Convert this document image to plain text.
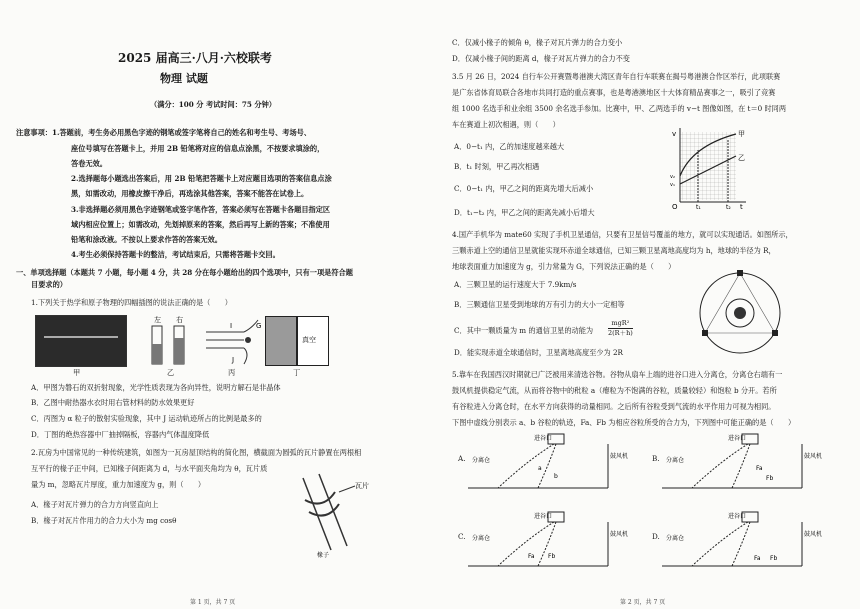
2025 届高三·八月·六校联考
物理 试题
（满分：100 分 考试时间：75 分钟）
注意事项：1.答题前，考生务必用黑色字迹的钢笔或签字笔将自己的姓名和考生号、考场号、
座位号填写在答题卡上，并用 2B 铅笔将对应的信息点涂黑，不按要求填涂的，
答卷无效。
2.选择题每小题选出答案后，用 2B 铅笔把答题卡上对应题目选项的答案信息点涂
黑，如需改动，用橡皮擦干净后，再选涂其他答案，答案不能答在试卷上。
3.非选择题必须用黑色字迹钢笔或签字笔作答，答案必须写在答题卡各题目指定区
域内相应位置上；如需改动，先划掉原来的答案，然后再写上新的答案；不准使用
铅笔和涂改液。不按以上要求作答的答案无效。
4.考生必须保持答题卡的整洁，考试结束后，只需将答题卡交回。
一、单项选择题（本题共 7 小题，每小题 4 分，共 28 分在每小题给出的四个选项中，只有一项是符合题
目要求的）
1.下列关于热学和原子物理的四幅插图的说法正确的是（　　）
甲
左 右
乙
G
J
I
丙
真空
丁
A．甲图为磐石的双折射现象，光学性质表现为各向异性，说明方解石是非晶体
B．乙图中耐热器水衣时用右管材料的防水效果更好
C．丙图为 α 粒子的散射实验现象，其中 J 运动轨迹所占的比例是最多的
D．丁图的绝热容器中厂抽掉隔板，容器内气体温度降低
2.瓦房为中国常见的一种传统建筑，如图为一瓦房屋顶结构的简化图，横截面为圆弧的瓦片静置在两根相
互平行的椽子正中间，已知椽子间距离为 d，与水平面夹角均为 θ，瓦片质
量为 m，忽略瓦片厚度，重力加速度为 g，则（　　）
A．椽子对瓦片弹力的合力方向竖直向上
B．椽子对瓦片作用力的合力大小为 mg cosθ
瓦片
椽子
第 1 页，共 7 页
C．仅减小椽子的倾角 θ，椽子对瓦片弹力的合力变小
D．仅减小椽子间的距离 d，椽子对瓦片弹力的合力不变
3.5 月 26 日，2024 自行车公开赛暨粤港澳大湾区青年自行车联赛在揭号粤港澳合作区举行，此项联赛
是广东省体育局联合各地市共同打造的重点赛事，也是粤港澳地区十大体育精品赛事之一，吸引了竞赛
组 1000 名选手和业余组 3500 余名选手参加。比赛中，甲、乙两选手的 v−t 图像如图，在 t＝0 时同两
车在赛道上初次相遇，则（　　）
A．0−t₁ 内，乙的加速度越来越大
B．t₁ 时刻，甲乙再次相遇
C．0−t₁ 内，甲乙之间的距离先增大后减小
D．t₁−t₂ 内，甲乙之间的距离先减小后增大
v	甲
乙
v₂
v₁
O	t₁	t₂ t
4.国产手机华为 mate60 实现了手机卫星通信，只要有卫星信号覆盖的地方，就可以实现通话。如图所示，
三颗赤道上空的通信卫星就能实现环赤道全球通信，已知三颗卫星离地高度均为 h，地球的半径为 R，
地球表面重力加速度为 g，引力常量为 G，下列说法正确的是（　　）
A．三颗卫星的运行速度大于 7.9km/s
B．三颗通信卫星受到地球的万有引力的大小一定相等
C．其中一颗质量为 m 的通信卫星的动能为
mgR²
2(R＋h)
D．能实现赤道全球通信时，卫星离地高度至少为 2R
5.靠车在我国西汉时期就已广泛被用来清选谷物。谷物从扇车上端的进谷口进入分离仓，分离仓右端有一
鼓风机提供稳定气流，从而将谷物中的秕粒 a（瘪粒为不饱满的谷粒，质量较轻）和饱粒 b 分开。若所
有谷粒进入分离仓时，在水平方向获得的动量相同。之后所有谷粒受到气流的水平作用力可视为相同。
下图中虚线分别表示 a、b 谷粒的轨迹，Fa、Fb 为相应谷粒所受的合力为，下列图中可能正确的是（　　）
A.
进谷口
分离仓
鼓风机
a
b
B.
进谷口
分离仓
鼓风机
Fa
Fb
C.
进谷口
分离仓
鼓风机
Fa Fb
D.
进谷口
分离仓
鼓风机
Fa Fb
第 2 页，共 7 页
